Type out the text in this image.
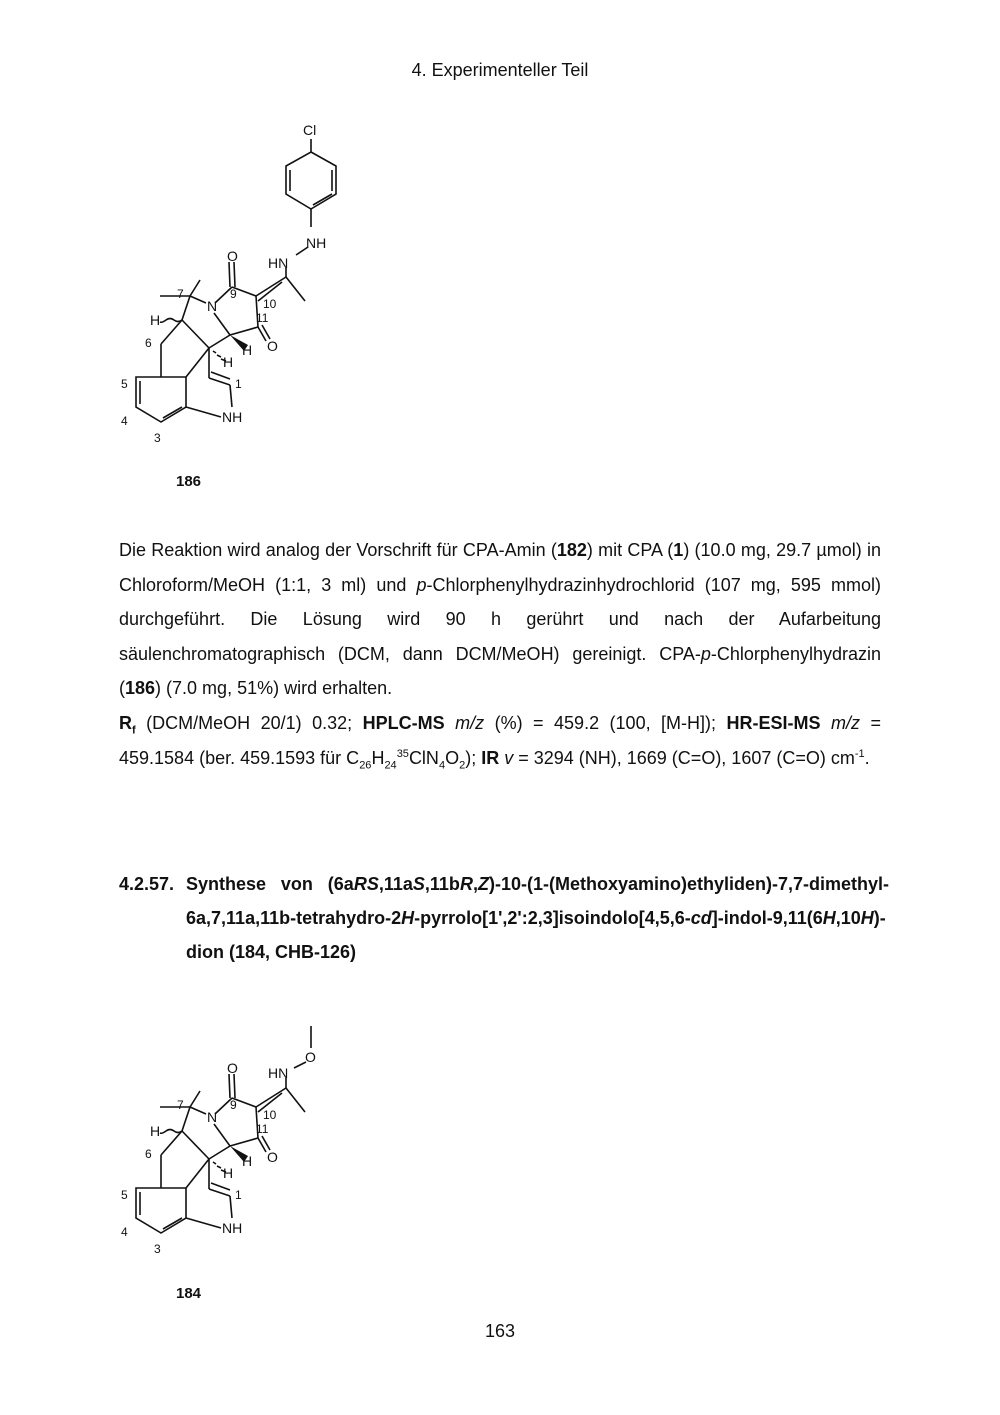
4. Experimenteller Teil
Cl
NH
HN
O
O
N
H
H
H
NH
7	9
10
11
6
5
4
3
1
186
Die Reaktion wird analog der Vorschrift für CPA-Amin (182) mit CPA (1) (10.0 mg, 29.7 µmol) in Chloroform/MeOH (1:1, 3 ml) und p-Chlorphenylhydrazinhydrochlorid (107 mg, 595 mmol) durchgeführt. Die Lösung wird 90 h gerührt und nach der Aufarbeitung säulenchromatographisch (DCM, dann DCM/MeOH) gereinigt. CPA-p-Chlorphenylhydrazin (186) (7.0 mg, 51%) wird erhalten.
$R_f$ (DCM/MeOH 20/1) 0.32; HPLC-MS m/z (%) = 459.2 (100, [M-H]); HR-ESI-MS m/z = 459.1584 (ber. 459.1593 für $C_{26}H_{24}^{35}ClN_4O_2$); IR v = 3294 (NH), 1669 (C=O), 1607 (C=O) $cm^{-1}$.
4.2.57. Synthese von (6aRS,11aS,11bR,Z)-10-(1-(Methoxyamino)ethyliden)-7,7-dimethyl-6a,7,11a,11b-tetrahydro-2H-pyrrolo[1',2':2,3]isoindolo[4,5,6-cd]-indol-9,11(6H,10H)-dion (184, CHB-126)
O
HN
O
O
N
H
H
H
NH
7	9
10
11
6
5
4
3
1
184
163
